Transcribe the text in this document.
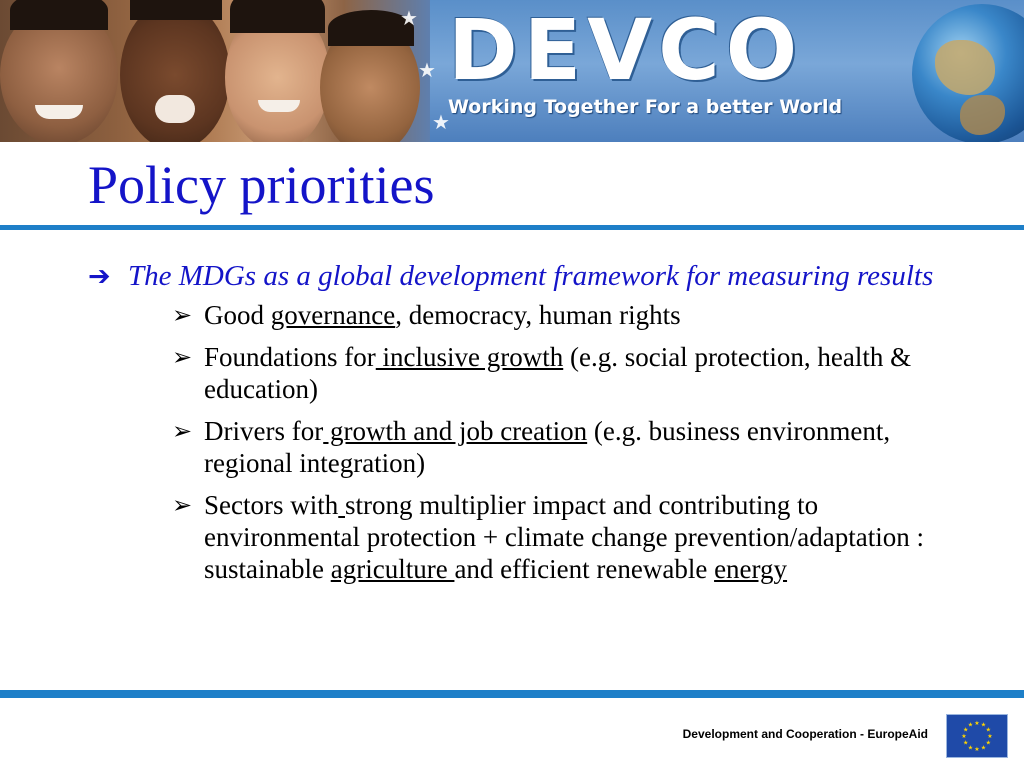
★
★
★
DEVCO
Working Together For a better World
Policy priorities
➔ The MDGs as a global development framework for measuring results
➢ Good governance, democracy, human rights
➢ Foundations for inclusive growth (e.g. social protection, health & education)
➢ Drivers for growth and job creation (e.g. business environment, regional integration)
➢ Sectors with strong multiplier impact and contributing to environmental protection + climate change prevention/adaptation : sustainable agriculture and efficient renewable energy
Development and Cooperation - EuropeAid	★
★
★
★
★
★
★
★
★ ★ ★
★
